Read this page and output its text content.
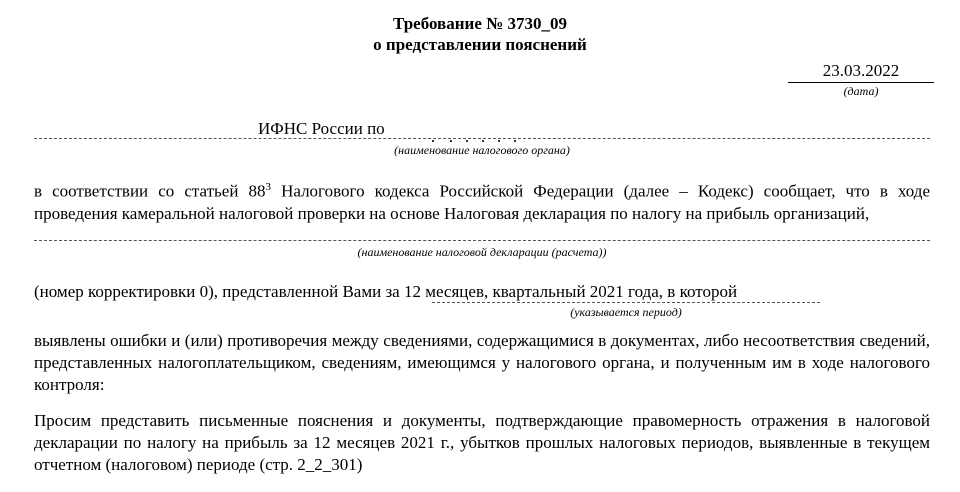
Требование № 3730_09
о представлении пояснений
23.03.2022
(дата)
ИФНС России по
(наименование налогового органа)
в соответствии со статьей $88^3$ Налогового кодекса Российской Федерации (далее – Кодекс) сообщает, что в ходе проведения камеральной налоговой проверки на основе Налоговая декларация по налогу на прибыль организаций,
(наименование налоговой декларации (расчета))
(номер корректировки 0), представленной Вами за 12 месяцев, квартальный 2021 года, в которой
(указывается период)
выявлены ошибки и (или) противоречия между сведениями, содержащимися в документах, либо несоответствия сведений, представленных налогоплательщиком, сведениям, имеющимся у налогового органа, и полученным им в ходе налогового контроля:
Просим представить письменные пояснения и документы, подтверждающие правомерность отражения в налоговой декларации по налогу на прибыль за 12 месяцев 2021 г., убытков прошлых налоговых периодов, выявленные в текущем отчетном (налоговом) периоде (стр. 2_2_301)
